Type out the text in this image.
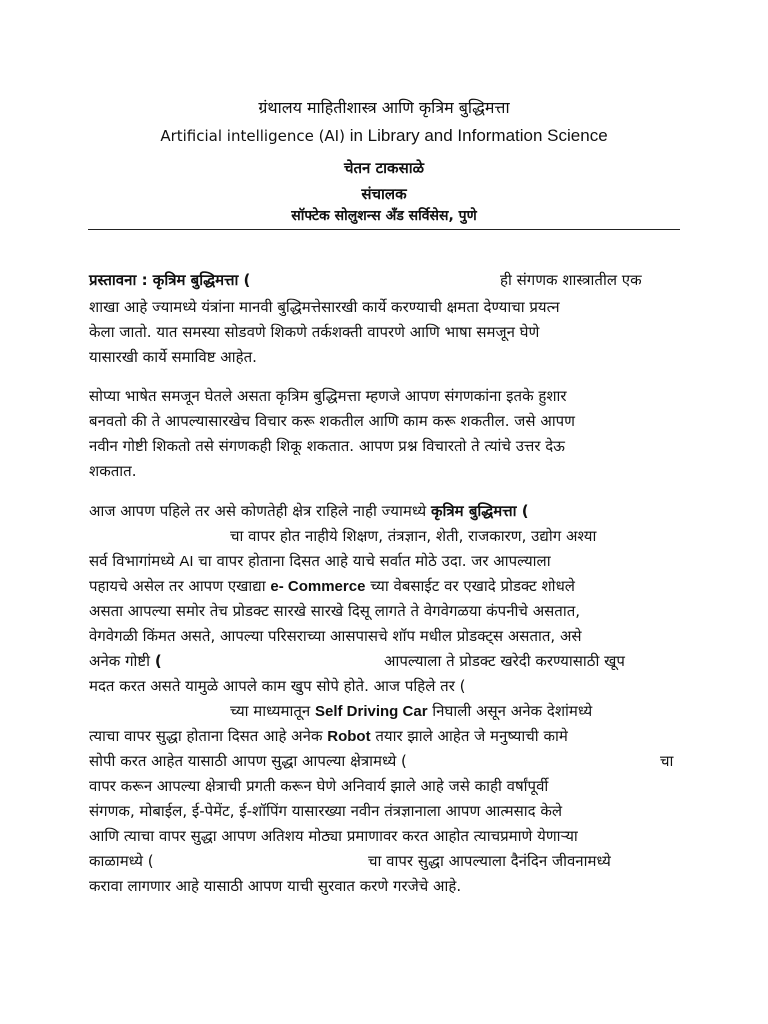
ग्रंथालय माहितीशास्त्र आणि कृत्रिम बुद्धिमत्ता
Artificial intelligence (AI) in Library and Information Science
चेतन टाकसाळे
संचालक
सॉफ्टेक सोलुशन्स अँड सर्विसेस, पुणे
प्रस्तावना : कृत्रिम बुद्धिमत्ता (	ही संगणक शास्त्रातील एक
शाखा आहे ज्यामध्ये यंत्रांना मानवी बुद्धिमत्तेसारखी कार्ये करण्याची क्षमता देण्याचा प्रयत्न
केला जातो. यात समस्या सोडवणे शिकणे तर्कशक्ती वापरणे आणि भाषा समजून घेणे
यासारखी कार्ये समाविष्ट आहेत.
सोप्या भाषेत समजून घेतले असता कृत्रिम बुद्धिमत्ता म्हणजे आपण संगणकांना इतके हुशार
बनवतो की ते आपल्यासारखेच विचार करू शकतील आणि काम करू शकतील. जसे आपण
नवीन गोष्टी शिकतो तसे संगणकही शिकू शकतात. आपण प्रश्न विचारतो ते त्यांचे उत्तर देऊ
शकतात.
आज आपण पहिले तर असे कोणतेही क्षेत्र राहिले नाही ज्यामध्ये कृत्रिम बुद्धिमत्ता (
चा वापर होत नाहीये शिक्षण, तंत्रज्ञान, शेती, राजकारण, उद्योग अश्या
सर्व विभागांमध्ये AI चा वापर होताना दिसत आहे याचे सर्वात मोठे उदा. जर आपल्याला
पहायचे असेल तर आपण एखाद्या e- Commerce च्या वेबसाईट वर एखादे प्रोडक्ट शोधले
असता आपल्या समोर तेच प्रोडक्ट सारखे सारखे दिसू लागते ते वेगवेगळया कंपनीचे असतात,
वेगवेगळी किंमत असते, आपल्या परिसराच्या आसपासचे शॉप मधील प्रोडक्ट्स असतात, असे
अनेक गोष्टी (	आपल्याला ते प्रोडक्ट खरेदी करण्यासाठी खूप
मदत करत असते यामुळे आपले काम खुप सोपे होते. आज पहिले तर (
च्या माध्यमातून Self Driving Car निघाली असून अनेक देशांमध्ये
त्याचा वापर सुद्धा होताना दिसत आहे अनेक Robot तयार झाले आहेत जे मनुष्याची कामे
सोपी करत आहेत यासाठी आपण सुद्धा आपल्या क्षेत्रामध्ये (	चा
वापर करून आपल्या क्षेत्राची प्रगती करून घेणे अनिवार्य झाले आहे जसे काही वर्षांपूर्वी
संगणक, मोबाईल, ई-पेमेंट, ई-शॉपिंग यासारख्या नवीन तंत्रज्ञानाला आपण आत्मसाद केले
आणि त्याचा वापर सुद्धा आपण अतिशय मोठ्या प्रमाणावर करत आहोत त्याचप्रमाणे येणाऱ्या
काळामध्ये (	चा वापर सुद्धा आपल्याला दैनंदिन जीवनामध्ये
करावा लागणार आहे यासाठी आपण याची सुरवात करणे गरजेचे आहे.
